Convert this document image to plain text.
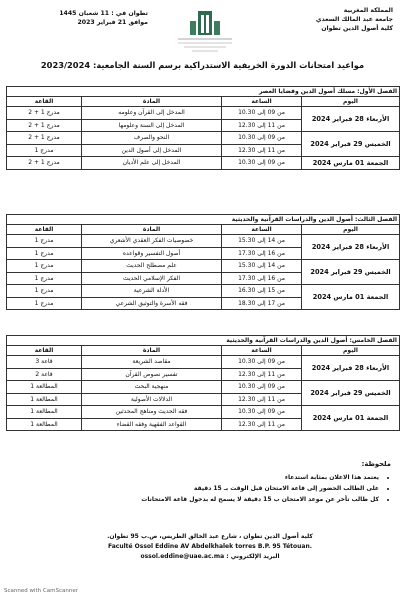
المملكة المغربية
جامعة عبد المالك السعدي
كلية أصول الدين تطوان
تطوان في : 11 شعبان 1445
موافق 21 فبراير 2023
مواعيد امتحانات الدورة الخريفية الاستدراكية برسم السنة الجامعية: 2023/2024
الفصل الأول: مسلك أصول الدين وقضايا العصر			
اليوم	الساعة	المادة	القاعة
الأربعاء 28 فبراير 2024	من 09 إلى 10.30	المدخل إلى القرآن وعلومه	مدرج 1 + 2
	من 11 إلى 12.30	المدخل إلى السنة وعلومها	مدرج 1 + 2
الخميس 29 فبراير 2024	من 09 إلى 10.30	النحو والصرف	مدرج 1 + 2
	من 11 إلى 12.30	المدخل إلى أصول الدين	مدرج 1
الجمعة 01 مارس 2024	من 09 إلى 10.30	المدخل إلى علم الأديان	مدرج 1 + 2
الفصل الثالث: أصول الدين والدراسات القرآنية والحديثية			
اليوم	الساعة	المادة	القاعة
الأربعاء 28 فبراير 2024	من 14 إلى 15.30	خصوصيات الفكر العقدي الأشعري	مدرج 1
	من 16 إلى 17.30	أصول التفسير وقواعده	مدرج 1
الخميس 29 فبراير 2024	من 14 إلى 15.30	علم مصطلح الحديث	مدرج 1
	من 16 إلى 17.30	الفكر الإسلامي الحديث	مدرج 1
الجمعة 01 مارس 2024	من 15 إلى 16.30	الأدلة الشرعية	مدرج 1
	من 17 إلى 18.30	فقه الأسرة والتوثيق الشرعي	مدرج 1
الفصل الخامس: أصول الدين والدراسات القرآنية والحديثية			
اليوم	الساعة	المادة	القاعة
الأربعاء 28 فبراير 2024	من 09 إلى 10.30	مقاصد الشريعة	قاعة 3
	من 11 إلى 12.30	تفسير نصوص القرآن	قاعة 2
الخميس 29 فبراير 2024	من 09 إلى 10.30	منهجية البحث	المطالعة 1
	من 11 إلى 12.30	الدلالات الأصولية	المطالعة 1
الجمعة 01 مارس 2024	من 09 إلى 10.30	فقه الحديث ومناهج المحدثين	المطالعة 1
	من 11 إلى 12.30	القواعد الفقهية وفقه القضاء	المطالعة 1
ملحوظة:
• يعتمد هذا الاعلان بمثابة استدعاء
• على الطالب الحضور إلى قاعة الامتحان قبل الوقت بـ 15 دقيقة
• كل طالب تأخر عن موعد الامتحان ب 15 دقيقة لا يسمح له بدخول قاعة الامتحانات
كلية أصول الدين تطوان ، شارع عبد الخالق الطريس، ص.ب 95 تطوان.
Faculté Ossol Eddine AV Abdelkhalek torres B.P. 95 Tétouan.
البريد الإلكتروني : ossol.eddine@uae.ac.ma
Scanned with CamScanner
